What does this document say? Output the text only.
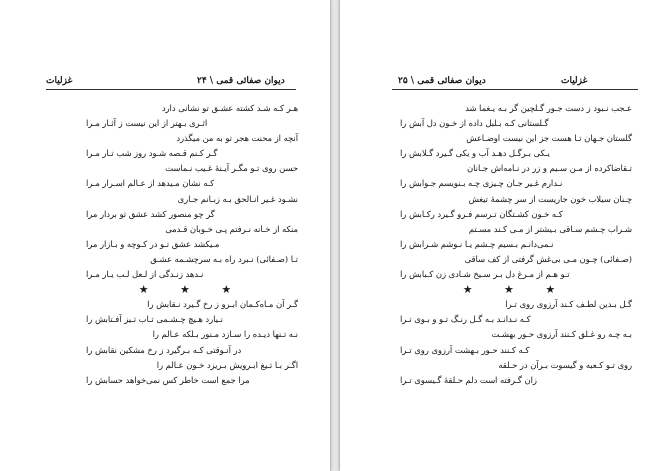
غزلیات	دیوان صفائی قمی \ ۲۴
هـر کـه شـد کشته عشـق تو نشانی دارد
اثـری بـهتر از این نیست ز آثـار مـرا
آنچه از محنت هجر تو به من میگذرد
گـر کـنم قـصه شـود روز شب تـار مـرا
حسن روی تـو مگـر آیـنهٔ غـیب نـماست
کـه نشان مـیدهد از عـالم اسـرار مـرا
نشـود غـیر انـالحق بـه زبـانم جـاری
گر چو منصور کشد عشق تو بردار مرا
منکه از خـانه نـرفتم پـی خـوبان قـدمی
مـیکشد عشق تـو در کـوچه و بـازار مرا
تـا (صـفائی) نـبرد راه بـه سرچشـمه عشـق
نـدهد زنـدگی از لـعل لـب یـار مـرا
★ ★ ★
گـر آن مـاه‌کـمان ابـرو ز رخ گـیرد نـقابش را
نـیارد هـیچ چـشـمی تـاب تـیز آفـتابش را
نـه تـنها دیـده را سـازد مـنور بـلکه عـالم را
در آنـوقتی کـه بـرگیرد ز رخ مشکین نقابش را
اگـر بـا تـیغ ابـرویش بـریزد خـون عـالم را
مرا جمع است خاطر کس نمی‌خواهد حسابش را
غزلیات
دیوان صفائی قمی \ ۲۵
عـجب نـبود ز دست جـور گـلچین گر بـه یـغما شد
گـلستانی کـه بـلبل داده از خـون دل آبش را
گلستان جـهان تـا هست جز این نیست اوضـاعش
یـکی بـرگـل دهـد آب و یکی گـیرد گـلابش را
تـقاضاکرده از مـن سـیم و زر در نـامه‌اش جـانان
نـدارم غـیر جـان چـیزی چـه بـنویسم جـوابش را
چـنان سیلاب خون جاریست از سر چشمهٔ تیغش
کـه خـون کشـتگان تـرسم فـرو گـیرد رکـابش را
شـراب چـشم سـاقی بـیشتر از مـی کـند مسـتم
نـمی‌دانـم بـسیم چـشم یـا نـوشم شـرابش را
(صـفائی) چـون مـی بی‌غش گرفتی از کف ساقی
تـو هـم از مـرغ دل بـر سـیخ شـادی زن کـبابش را
★ ★ ★
گـل بـدین لطـف کـند آرزوی روی تـرا
کـه نـدانـد بـه گـل رنـگ تـو و بـوی تـرا
بـه چـه رو غـلق کـنند آرزوی حـور بهشـت
کـه کـنند حـور بـهشت آرزوی روی تـرا
روی تـو کـعبه و گیسوت بـرآن در حـلقه
زان گـرفته است دلم حـلقهٔ گـیسوی تـرا
